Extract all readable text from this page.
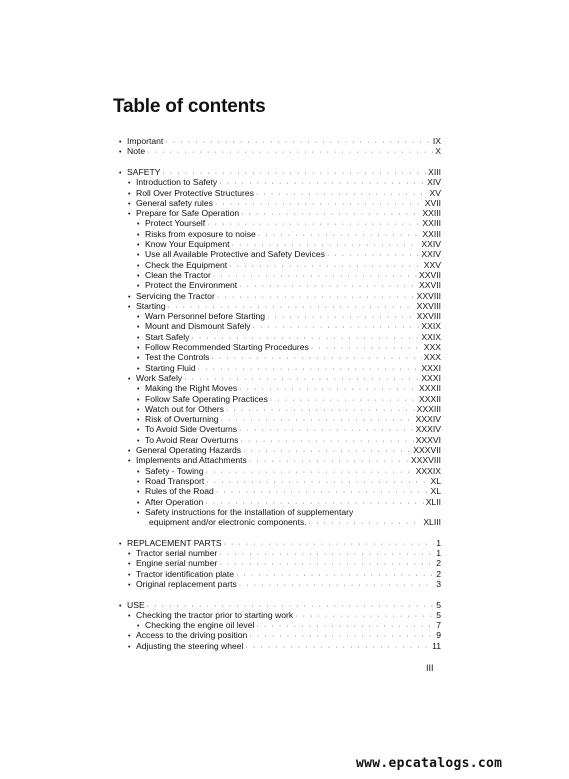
Table of contents
•
Important · · ·	IX
•
Note · · ·	X
•
SAFETY · · ·	XIII
•
Introduction to Safety · · ·	XIV
•
Roll Over Protective Structures · · ·	XV
•
General safety rules · · ·	XVII
•
Prepare for Safe Operation · · ·	XXIII
•
Protect Yourself · · ·	XXIII
•
Risks from exposure to noise · · ·	XXIII
•
Know Your Equipment · · ·	XXIV
•
Use all Available Protective and Safety Devices · · ·	XXIV
•
Check the Equipment · · ·	XXV
•
Clean the Tractor · · ·	XXVII
•
Protect the Environment · · ·	XXVII
•
Servicing the Tractor · · ·	XXVIII
•
Starting · · ·	XXVIII
•
Warn Personnel before Starting · · ·	XXVIII
•
Mount and Dismount Safely · · ·	XXIX
•
Start Safely · · ·	XXIX
•
Follow Recommended Starting Procedures · · ·	XXX
•
Test the Controls · · ·	XXX
•
Starting Fluid · · ·	XXXI
•
Work Safely · · ·	XXXI
•
Making the Right Moves · · ·	XXXII
•
Follow Safe Operating Practices · · ·	XXXII
•
Watch out for Others · · ·	XXXIII
•
Risk of Overturning · · ·	XXXIV
•
To Avoid Side Overturns · · ·	XXXIV
•
To Avoid Rear Overturns · · ·	XXXVI
•
General Operating Hazards · · ·	XXXVII
•
Implements and Attachments · · ·	XXXVIII
•
Safety - Towing · · ·	XXXIX
•
Road Transport · · ·	XL
•
Rules of the Road · · ·	XL
•
After Operation · · ·	XLII
•
Safety instructions for the installation of supplementary
equipment and/or electronic components. · · ·	XLIII
•
REPLACEMENT PARTS · · ·	1
•
Tractor serial number · · ·	1
•
Engine serial number · · ·	2
•
Tractor identification plate · · ·	2
•
Original replacement parts · · ·	3
•
USE · · ·	5
•
Checking the tractor prior to starting work · · ·	5
•
Checking the engine oil level · · ·	7
•
Access to the driving position · · ·	9
•
Adjusting the steering wheel · · ·	11
III
www.epcatalogs.com
